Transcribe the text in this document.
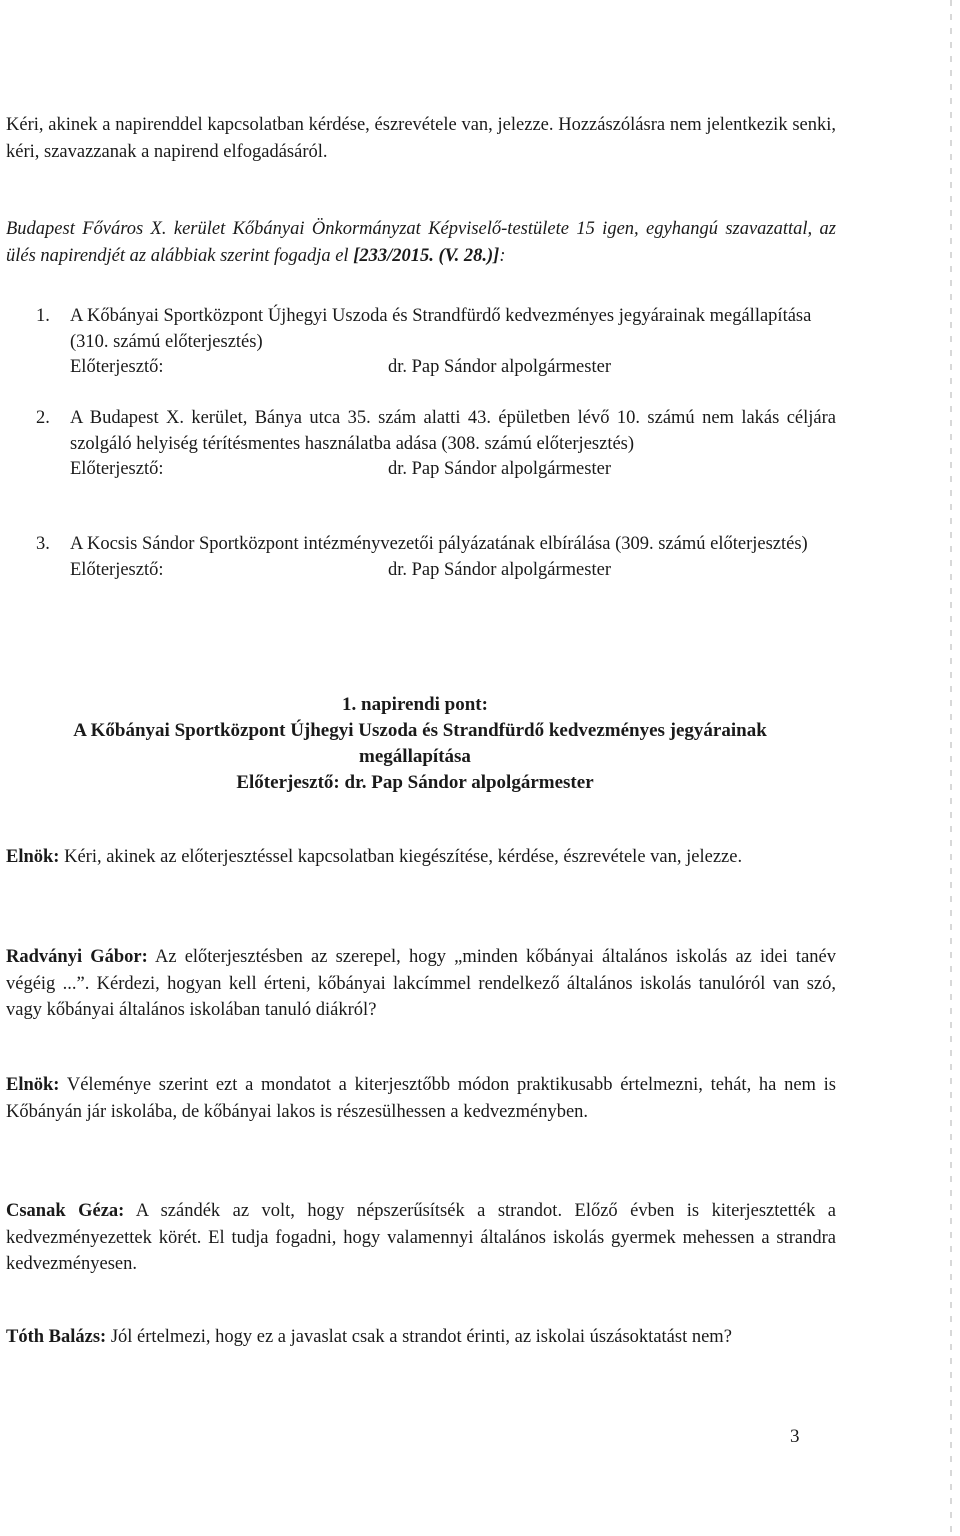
Kéri, akinek a napirenddel kapcsolatban kérdése, észrevétele van, jelezze. Hozzászólásra nem jelentkezik senki, kéri, szavazzanak a napirend elfogadásáról.

Budapest Főváros X. kerület Kőbányai Önkormányzat Képviselő-testülete 15 igen, egyhangú szavazattal, az ülés napirendjét az alábbiak szerint fogadja el [233/2015. (V. 28.)]:

1.	A Kőbányai Sportközpont Újhegyi Uszoda és Strandfürdő kedvezményes jegyárainak megállapítása (310. számú előterjesztés)
Előterjesztő:	dr. Pap Sándor alpolgármester
2.	A Budapest X. kerület, Bánya utca 35. szám alatti 43. épületben lévő 10. számú nem lakás céljára szolgáló helyiség térítésmentes használatba adása (308. számú előterjesztés)
Előterjesztő:	dr. Pap Sándor alpolgármester
3.	A Kocsis Sándor Sportközpont intézményvezetői pályázatának elbírálása (309. számú előterjesztés)
Előterjesztő:	dr. Pap Sándor alpolgármester
1. napirendi pont:
A Kőbányai Sportközpont Újhegyi Uszoda és Strandfürdő kedvezményes jegyárainak
megállapítása
Előterjesztő: dr. Pap Sándor alpolgármester

Elnök: Kéri, akinek az előterjesztéssel kapcsolatban kiegészítése, kérdése, észrevétele van, jelezze.

Radványi Gábor: Az előterjesztésben az szerepel, hogy „minden kőbányai általános iskolás az idei tanév végéig ...”. Kérdezi, hogyan kell érteni, kőbányai lakcímmel rendelkező általános iskolás tanulóról van szó, vagy kőbányai általános iskolában tanuló diákról?

Elnök: Véleménye szerint ezt a mondatot a kiterjesztőbb módon praktikusabb értelmezni, tehát, ha nem is Kőbányán jár iskolába, de kőbányai lakos is részesülhessen a kedvezményben.

Csanak Géza: A szándék az volt, hogy népszerűsítsék a strandot. Előző évben is kiterjesztették a kedvezményezettek körét. El tudja fogadni, hogy valamennyi általános iskolás gyermek mehessen a strandra kedvezményesen.

Tóth Balázs: Jól értelmezi, hogy ez a javaslat csak a strandot érinti, az iskolai úszásoktatást nem?

3
